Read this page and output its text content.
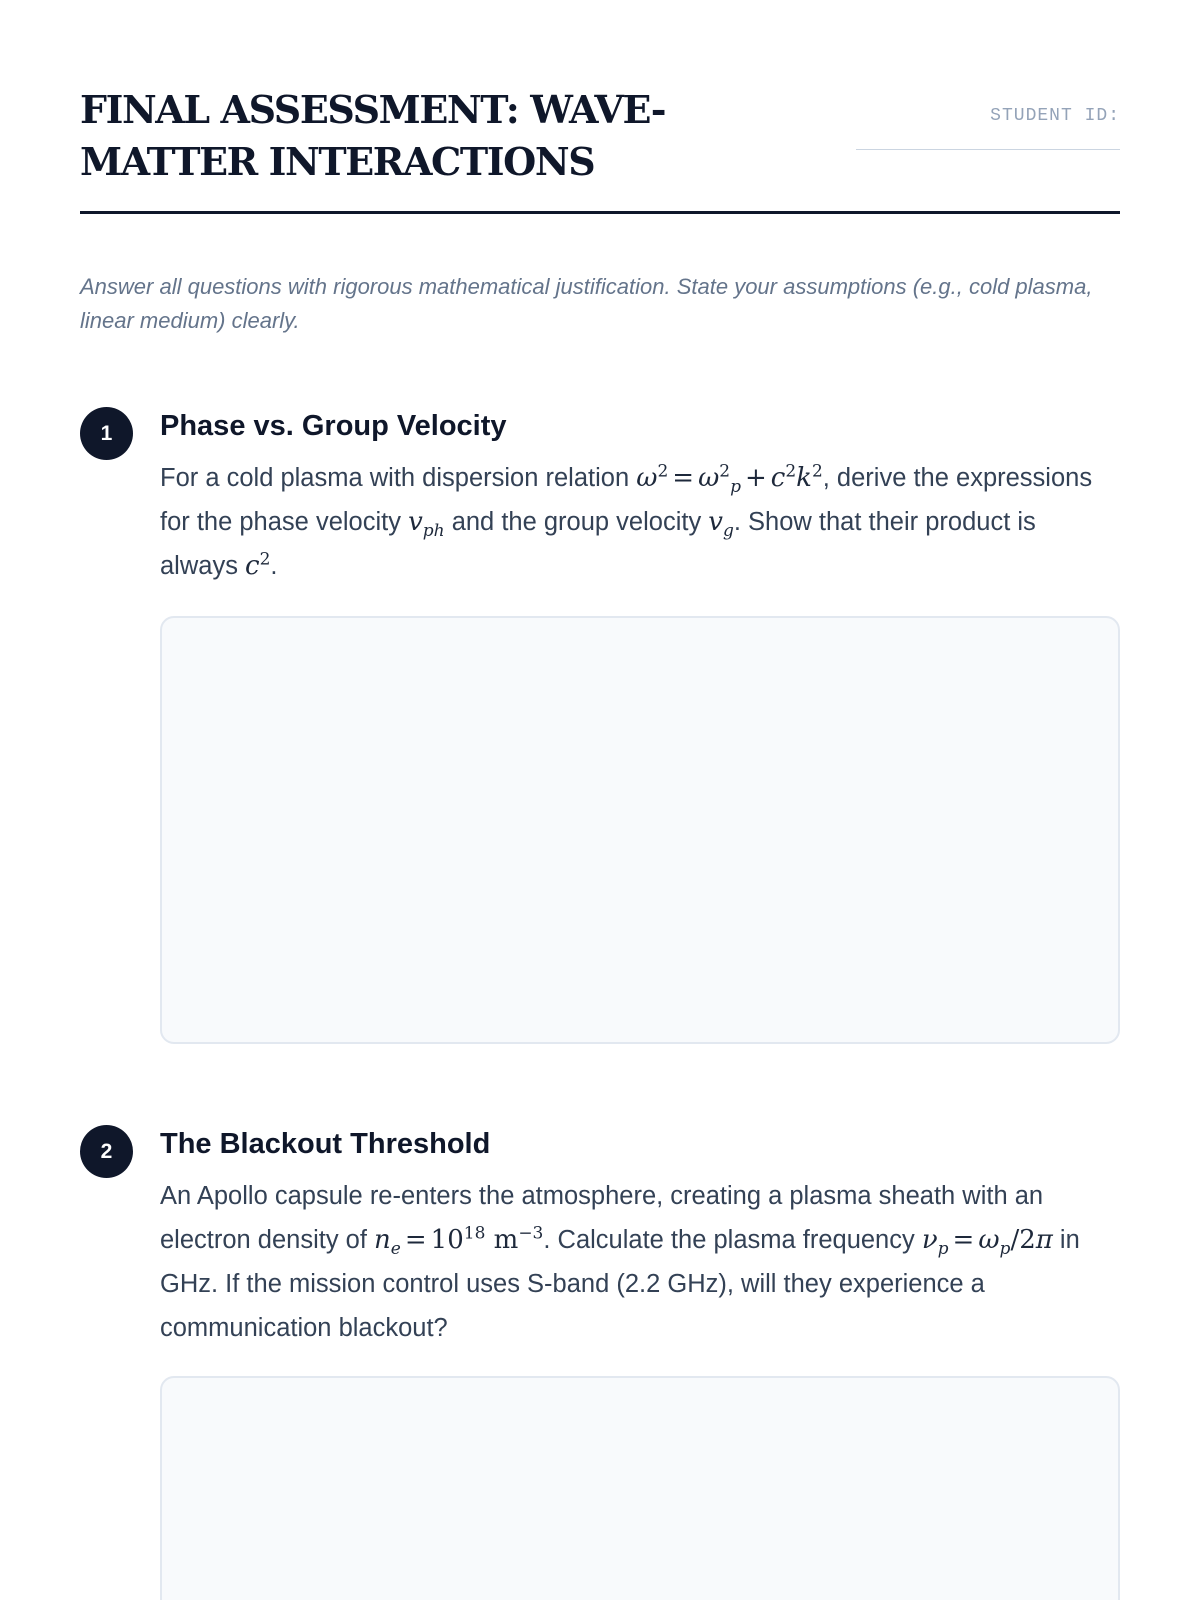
FINAL ASSESSMENT: WAVE-MATTER INTERACTIONS
STUDENT ID:

Answer all questions with rigorous mathematical justification. State your assumptions (e.g., cold plasma, linear medium) clearly.

1	Phase vs. Group Velocity

For a cold plasma with dispersion relation $\omega^2 = \omega^2_p + c^2k^2$, derive the expressions for the phase velocity $v_{ph}$ and the group velocity $v_g$. Show that their product is always $c^2$.

2	The Blackout Threshold

An Apollo capsule re-enters the atmosphere, creating a plasma sheath with an electron density of $n_e = 10^{18}$ $m^{-3}$. Calculate the plasma frequency $\nu_p = \omega_p/2\pi$ in GHz. If the mission control uses S-band (2.2 GHz), will they experience a communication blackout?
